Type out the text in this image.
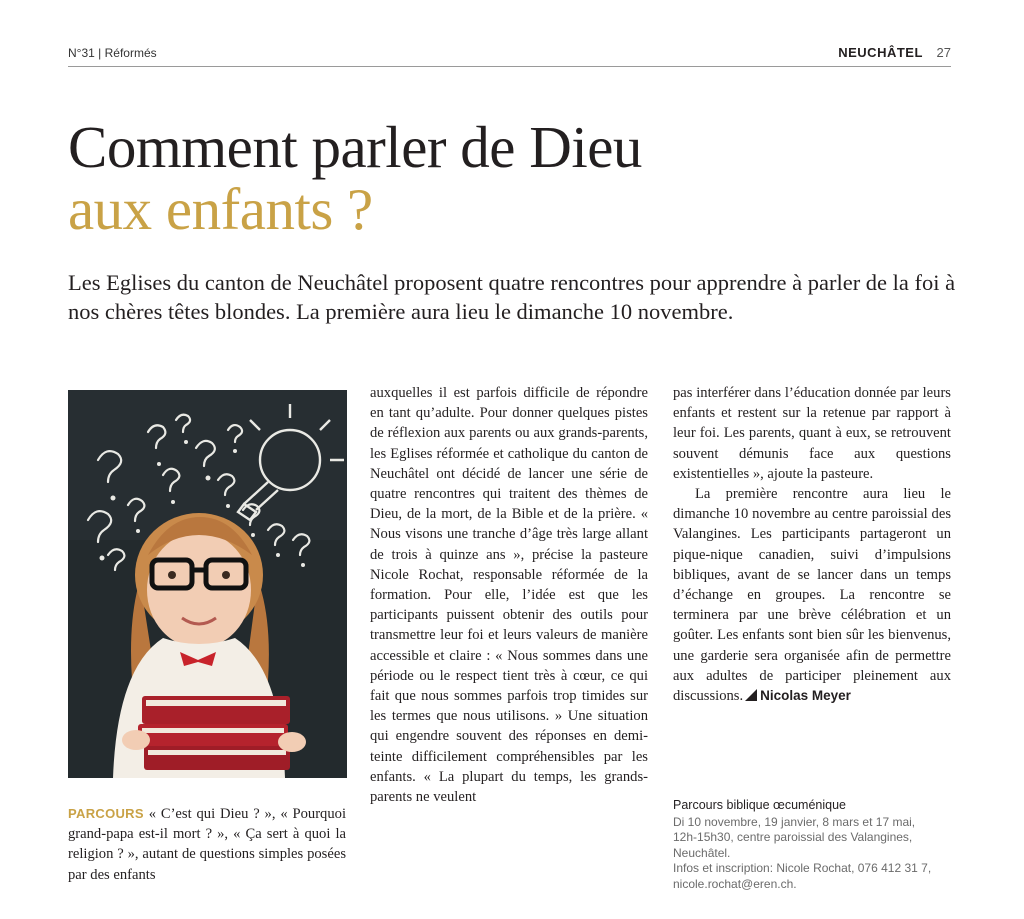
N°31 | Réformés	NEUCHÂTEL 27
Comment parler de Dieu
aux enfants ?

Les Eglises du canton de Neuchâtel proposent quatre rencontres pour apprendre à parler de la foi à nos chères têtes blondes. La première aura lieu le dimanche 10 novembre.

PARCOURS « C’est qui Dieu ? », « Pourquoi grand-papa est-il mort ? », « Ça sert à quoi la religion ? », autant de questions simples posées par des enfants

auxquelles il est parfois difficile de répondre en tant qu’adulte. Pour donner quelques pistes de réflexion aux parents ou aux grands-parents, les Eglises réformée et catholique du canton de Neuchâtel ont décidé de lancer une série de quatre rencontres qui traitent des thèmes de Dieu, de la mort, de la Bible et de la prière. « Nous visons une tranche d’âge très large allant de trois à quinze ans », précise la pasteure Nicole Rochat, responsable réformée de la formation. Pour elle, l’idée est que les participants puissent obtenir des outils pour transmettre leur foi et leurs valeurs de manière accessible et claire : « Nous sommes dans une période ou le respect tient très à cœur, ce qui fait que nous sommes parfois trop timides sur les termes que nous utilisons. » Une situation qui engendre souvent des réponses en demi-teinte difficilement compréhensibles par les enfants. « La plupart du temps, les grands-parents ne veulent

pas interférer dans l’éducation donnée par leurs enfants et restent sur la retenue par rapport à leur foi. Les parents, quant à eux, se retrouvent souvent démunis face aux questions existentielles », ajoute la pasteure.

La première rencontre aura lieu le dimanche 10 novembre au centre paroissial des Valangines. Les participants partageront un pique-nique canadien, suivi d’impulsions bibliques, avant de se lancer dans un temps d’échange en groupes. La rencontre se terminera par une brève célébration et un goûter. Les enfants sont bien sûr les bienvenus, une garderie sera organisée afin de permettre aux adultes de participer pleinement aux discussions. Nicolas Meyer

Parcours biblique œcuménique
Di 10 novembre, 19 janvier, 8 mars et 17 mai,
12h-15h30, centre paroissial des Valangines,
Neuchâtel.
Infos et inscription: Nicole Rochat, 076 412 31 7,
nicole.rochat@eren.ch.
